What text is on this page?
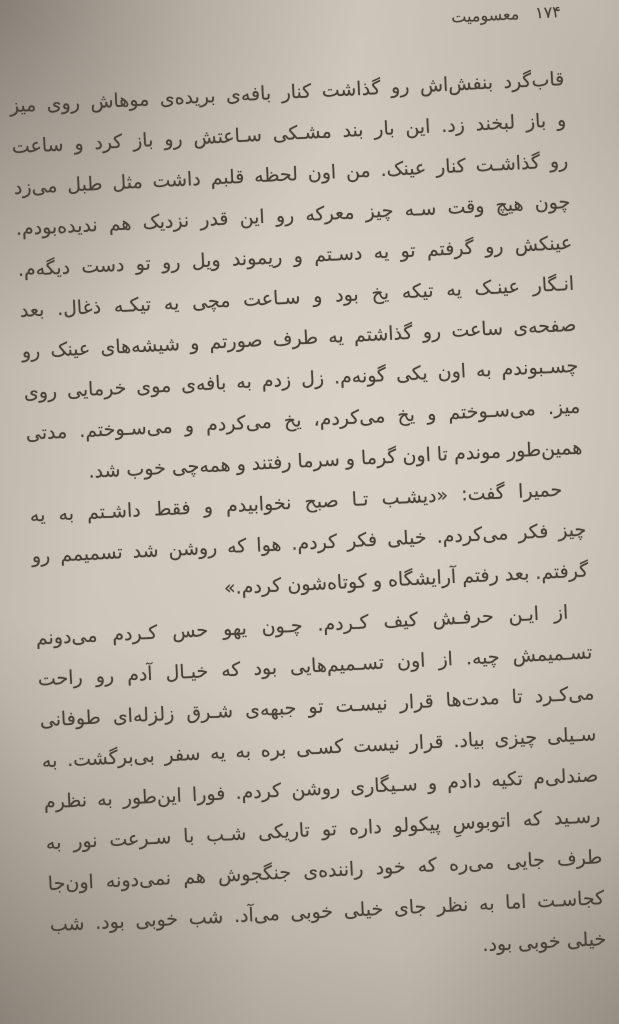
۱۷۴
معسومیت
قاب‌گرد بنفش‌اش رو گذاشت کنار بافه‌ی بریده‌ی موهاش روی میز
و باز لبخند زد. این بار بند مشـکی سـاعتش رو باز کرد و ساعت
رو گذاشـت کنار عینک. من اون لحظه قلبم داشت مثل طبل می‌زد
چون هیچ وقت سـه چیز معرکه رو این قدر نزدیک هم ندیده‌بودم.
عینکش رو گرفتم تو یه دسـتم و ریموند ویل رو تو دست دیگه‌م.
انـگار عینـک یه تیکه یخ بود و سـاعت مچی یه تیکـه ذغال. بعد
صفحه‌ی ساعت رو گذاشتم یه طرف صورتم و شیشه‌های عینک رو
چسـبوندم به اون یکی گونه‌م. زل زدم به بافه‌ی موی خرمایی روی
میز. می‌سـوختم و یخ می‌کردم، یخ می‌کردم و می‌سـوختم. مدتی
همین‌طور موندم تا اون گرما و سرما رفتند و همه‌چی خوب شد.
حمیرا گفت: «دیشـب تـا صبح نخوابیدم و فقط داشـتم به یه
چیز فکر می‌کردم. خیلی فکر کردم. هوا که روشن شد تسمیمم رو
گرفتم. بعد رفتم آرایشگاه و کوتاه‌شون کردم.»
از ایـن حرفـش کیف کـردم. چـون یهو حس کـردم می‌دونم
تسـمیمش چیه. از اون تسـمیم‌هایی بود که خیـال آدم رو راحت
می‌کـرد تا مدت‌ها قرار نیسـت تو جبهه‌ی شـرق زلزله‌ای طوفانی
سـیلی چیزی بیاد. قرار نیست کسـی بره به یه سفر بی‌برگشت. به
صندلی‌م تکیه دادم و سـیگاری روشن کردم. فورا این‌طور به نظرم
رسـید که اتوبوسِ پیکولو داره تو تاریکی شـب با سـرعت نور به
طرف جایی می‌ره که خود راننده‌ی جنگجوش هم نمی‌دونه اون‌جا
کجاسـت اما به نظر جای خیلی خوبی می‌آد. شب خوبی بود. شب
خیلی خوبی بود.
